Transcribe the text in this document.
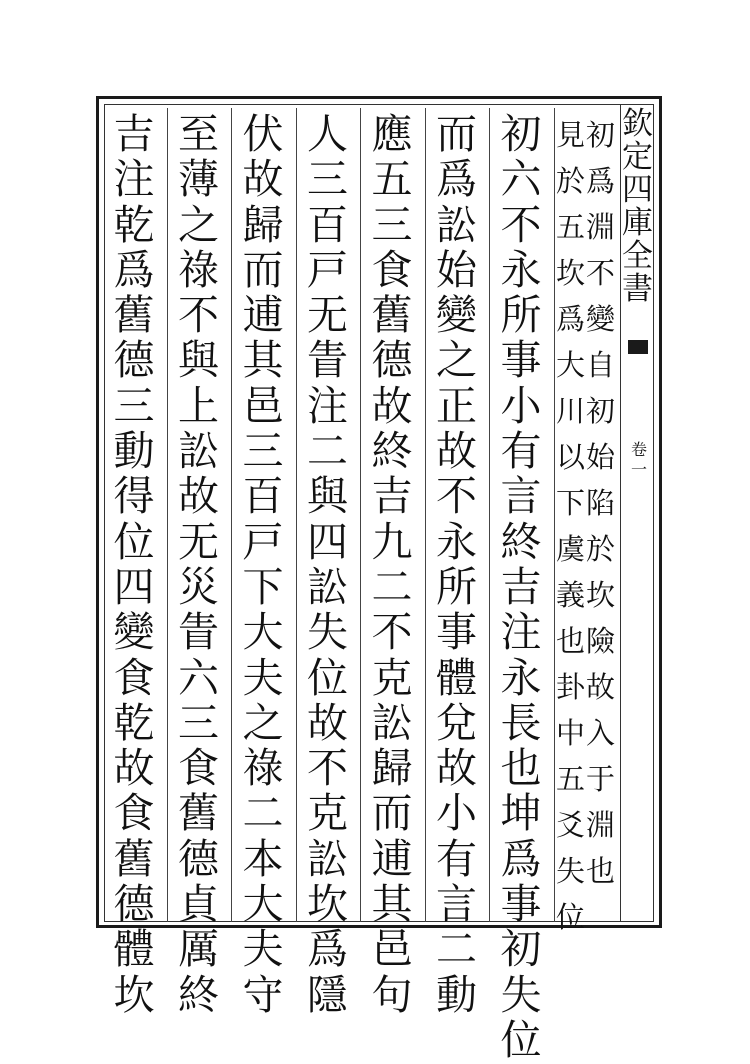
欽
定
四
庫
全
書
卷
一
見
於
五
坎
爲
大
川
以
下
虞
義
也
卦
中
五
爻
失
位
初
爲
淵
不
變
自
初
始
陷
於
坎
險
故
入
于
淵
也
初
六
不
永
所
事
小
有
言
終
吉
注
永
長
也
坤
爲
事
初
失
位
而
爲
訟
始
變
之
正
故
不
永
所
事
體
兌
故
小
有
言
二
動
應
五
三
食
舊
德
故
終
吉
九
二
不
克
訟
歸
而
逋
其
邑
句
人
三
百
戸
无
眚
注
二
與
四
訟
失
位
故
不
克
訟
坎
爲
隱
伏
故
歸
而
逋
其
邑
三
百
戸
下
大
夫
之
祿
二
本
大
夫
守
至
薄
之
祿
不
與
上
訟
故
无
災
眚
六
三
食
舊
德
貞
厲
終
吉
注
乾
爲
舊
德
三
動
得
位
四
變
食
乾
故
食
舊
德
體
坎
